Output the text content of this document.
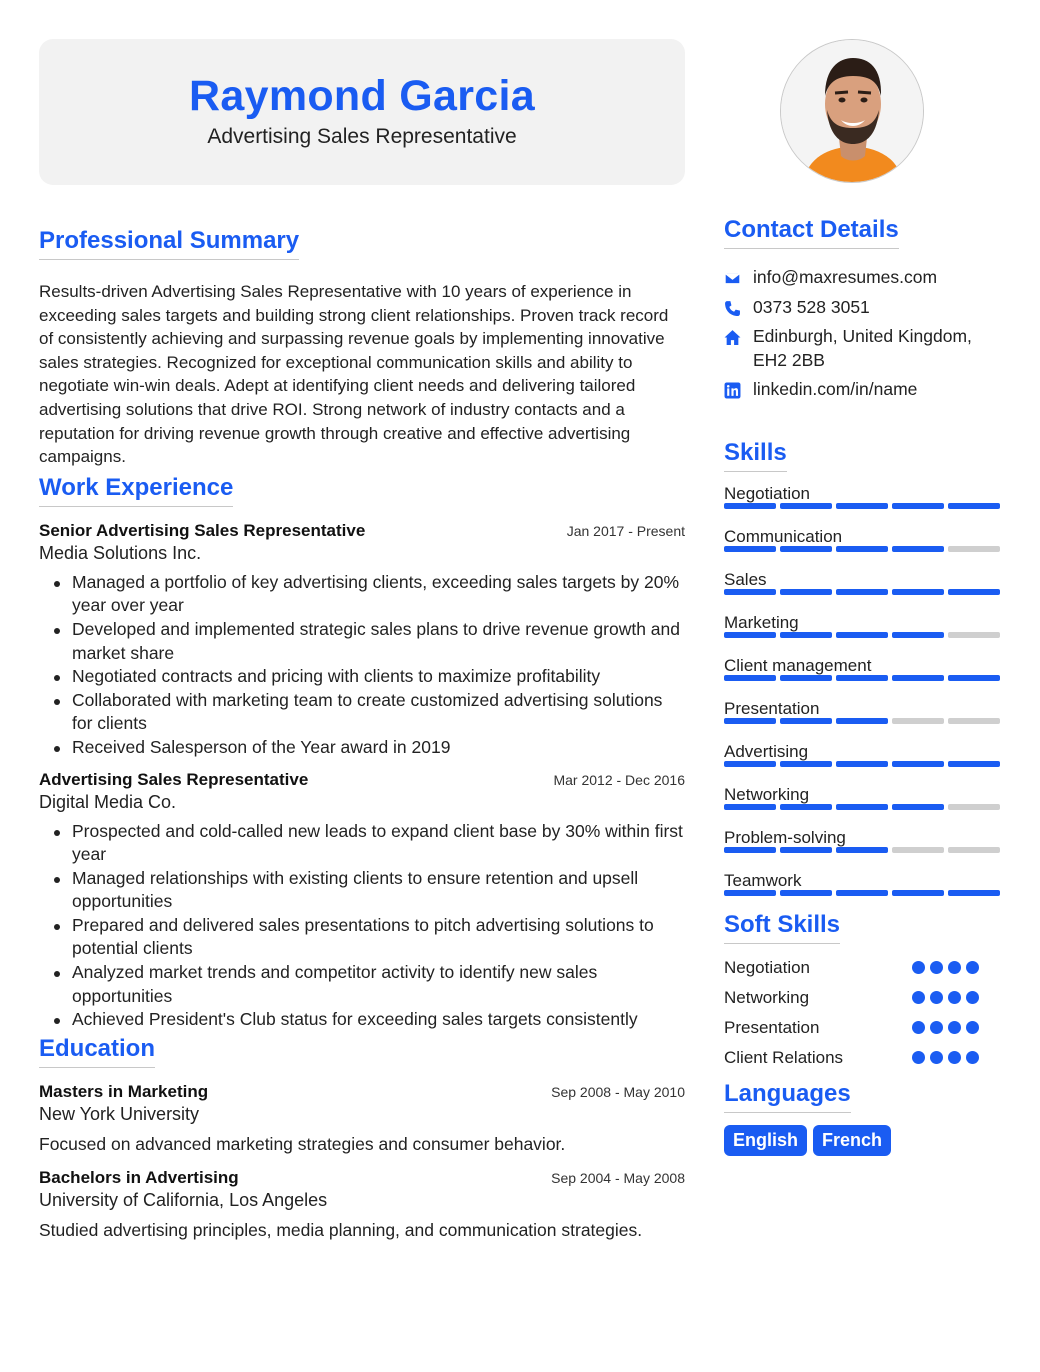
Raymond Garcia
Advertising Sales Representative
Professional Summary
Results-driven Advertising Sales Representative with 10 years of experience in exceeding sales targets and building strong client relationships. Proven track record of consistently achieving and surpassing revenue goals by implementing innovative sales strategies. Recognized for exceptional communication skills and ability to negotiate win-win deals. Adept at identifying client needs and delivering tailored advertising solutions that drive ROI. Strong network of industry contacts and a reputation for driving revenue growth through creative and effective advertising campaigns.
Work Experience
Senior Advertising Sales Representative	Jan 2017 - Present
Media Solutions Inc.
Managed a portfolio of key advertising clients, exceeding sales targets by 20% year over year
Developed and implemented strategic sales plans to drive revenue growth and market share
Negotiated contracts and pricing with clients to maximize profitability
Collaborated with marketing team to create customized advertising solutions for clients
Received Salesperson of the Year award in 2019
Advertising Sales Representative	Mar 2012 - Dec 2016
Digital Media Co.
Prospected and cold-called new leads to expand client base by 30% within first year
Managed relationships with existing clients to ensure retention and upsell opportunities
Prepared and delivered sales presentations to pitch advertising solutions to potential clients
Analyzed market trends and competitor activity to identify new sales opportunities
Achieved President's Club status for exceeding sales targets consistently
Education
Masters in Marketing	Sep 2008 - May 2010
New York University
Focused on advanced marketing strategies and consumer behavior.
Bachelors in Advertising	Sep 2004 - May 2008
University of California, Los Angeles
Studied advertising principles, media planning, and communication strategies.
Contact Details
info@maxresumes.com
0373 528 3051
Edinburgh, United Kingdom, EH2 2BB
linkedin.com/in/name
Skills
Negotiation
Communication
Sales
Marketing
Client management
Presentation
Advertising
Networking
Problem-solving
Teamwork
Soft Skills
Negotiation
Networking
Presentation
Client Relations
Languages
English	French
